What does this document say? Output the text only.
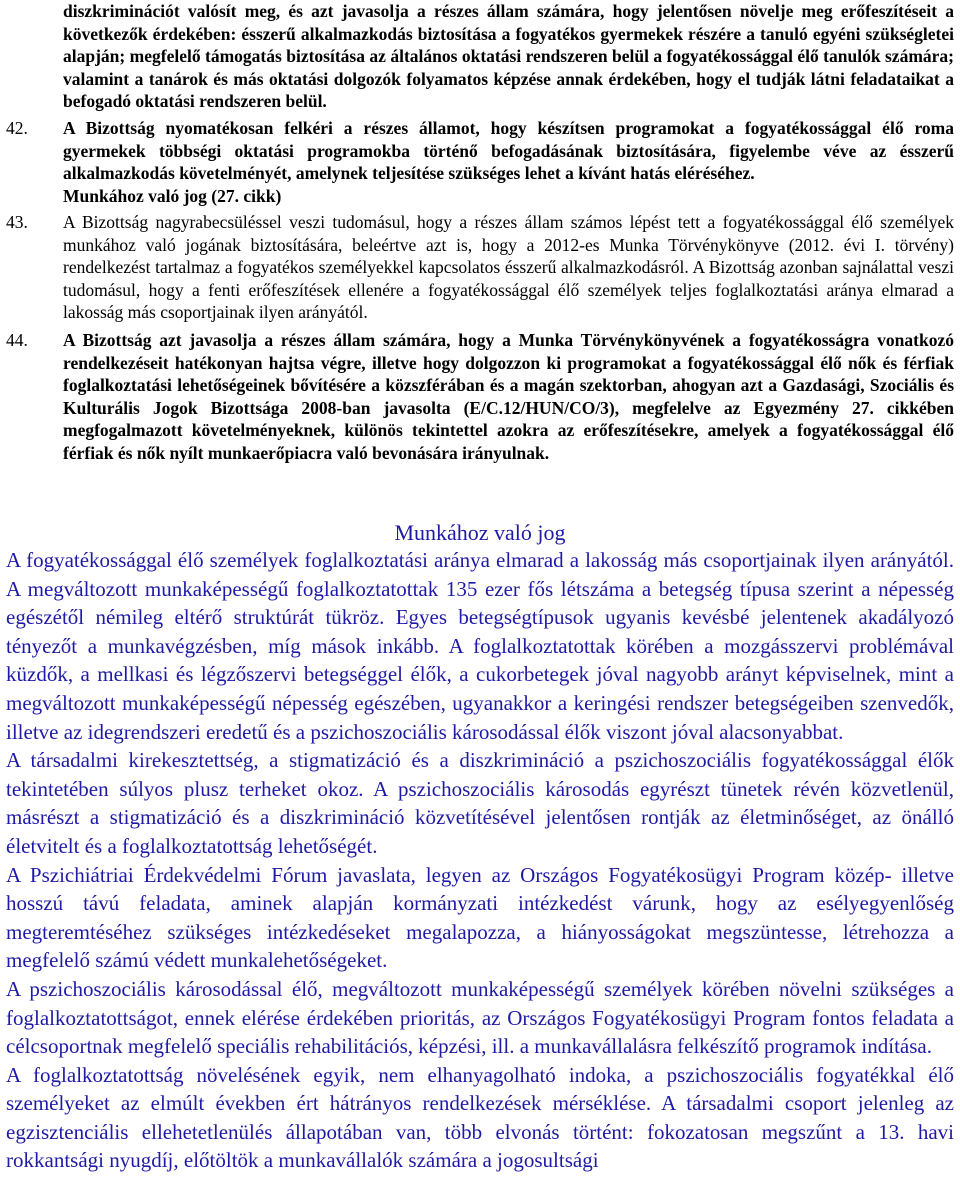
diszkriminációt valósít meg, és azt javasolja a részes állam számára, hogy jelentősen növelje meg erőfeszítéseit a következők érdekében: ésszerű alkalmazkodás biztosítása a fogyatékos gyermekek részére a tanuló egyéni szükségletei alapján; megfelelő támogatás biztosítása az általános oktatási rendszeren belül a fogyatékossággal élő tanulók számára; valamint a tanárok és más oktatási dolgozók folyamatos képzése annak érdekében, hogy el tudják látni feladataikat a befogadó oktatási rendszeren belül.
42. A Bizottság nyomatékosan felkéri a részes államot, hogy készítsen programokat a fogyatékossággal élő roma gyermekek többségi oktatási programokba történő befogadásának biztosítására, figyelembe véve az ésszerű alkalmazkodás követelményét, amelynek teljesítése szükséges lehet a kívánt hatás eléréséhez.
Munkához való jog (27. cikk)
43. A Bizottság nagyrabecsüléssel veszi tudomásul, hogy a részes állam számos lépést tett a fogyatékossággal élő személyek munkához való jogának biztosítására, beleértve azt is, hogy a 2012-es Munka Törvénykönyve (2012. évi I. törvény) rendelkezést tartalmaz a fogyatékos személyekkel kapcsolatos ésszerű alkalmazkodásról. A Bizottság azonban sajnálattal veszi tudomásul, hogy a fenti erőfeszítések ellenére a fogyatékossággal élő személyek teljes foglalkoztatási aránya elmarad a lakosság más csoportjainak ilyen arányától.
44. A Bizottság azt javasolja a részes állam számára, hogy a Munka Törvénykönyvének a fogyatékosságra vonatkozó rendelkezéseit hatékonyan hajtsa végre, illetve hogy dolgozzon ki programokat a fogyatékossággal élő nők és férfiak foglalkoztatási lehetőségeinek bővítésére a közszférában és a magán szektorban, ahogyan azt a Gazdasági, Szociális és Kulturális Jogok Bizottsága 2008-ban javasolta (E/C.12/HUN/CO/3), megfelelve az Egyezmény 27. cikkében megfogalmazott követelményeknek, különös tekintettel azokra az erőfeszítésekre, amelyek a fogyatékossággal élő férfiak és nők nyílt munkaerőpiacra való bevonására irányulnak.
Munkához való jog

A fogyatékossággal élő személyek foglalkoztatási aránya elmarad a lakosság más csoportjainak ilyen arányától. A megváltozott munkaképességű foglalkoztatottak 135 ezer fős létszáma a betegség típusa szerint a népesség egészétől némileg eltérő struktúrát tükröz. Egyes betegségtípusok ugyanis kevésbé jelentenek akadályozó tényezőt a munkavégzésben, míg mások inkább. A foglalkoztatottak körében a mozgásszervi problémával küzdők, a mellkasi és légzőszervi betegséggel élők, a cukorbetegek jóval nagyobb arányt képviselnek, mint a megváltozott munkaképességű népesség egészében, ugyanakkor a keringési rendszer betegségeiben szenvedők, illetve az idegrendszeri eredetű és a pszichoszociális károsodással élők viszont jóval alacsonyabbat.

A társadalmi kirekesztettség, a stigmatizáció és a diszkrimináció a pszichoszociális fogyatékossággal élők tekintetében súlyos plusz terheket okoz. A pszichoszociális károsodás egyrészt tünetek révén közvetlenül, másrészt a stigmatizáció és a diszkrimináció közvetítésével jelentősen rontják az életminőséget, az önálló életvitelt és a foglalkoztatottság lehetőségét.

A Pszichiátriai Érdekvédelmi Fórum javaslata, legyen az Országos Fogyatékosügyi Program közép- illetve hosszú távú feladata, aminek alapján kormányzati intézkedést várunk, hogy az esélyegyenlőség megteremtéséhez szükséges intézkedéseket megalapozza, a hiányosságokat megszüntesse, létrehozza a megfelelő számú védett munkalehetőségeket.

A pszichoszociális károsodással élő, megváltozott munkaképességű személyek körében növelni szükséges a foglalkoztatottságot, ennek elérése érdekében prioritás, az Országos Fogyatékosügyi Program fontos feladata a célcsoportnak megfelelő speciális rehabilitációs, képzési, ill. a munkavállalásra felkészítő programok indítása.

A foglalkoztatottság növelésének egyik, nem elhanyagolható indoka, a pszichoszociális fogyatékkal élő személyeket az elmúlt években ért hátrányos rendelkezések mérséklése. A társadalmi csoport jelenleg az egzisztenciális ellehetetlenülés állapotában van, több elvonás történt: fokozatosan megszűnt a 13. havi rokkantsági nyugdíj, előtöltök a munkavállalók számára a jogosultsági
